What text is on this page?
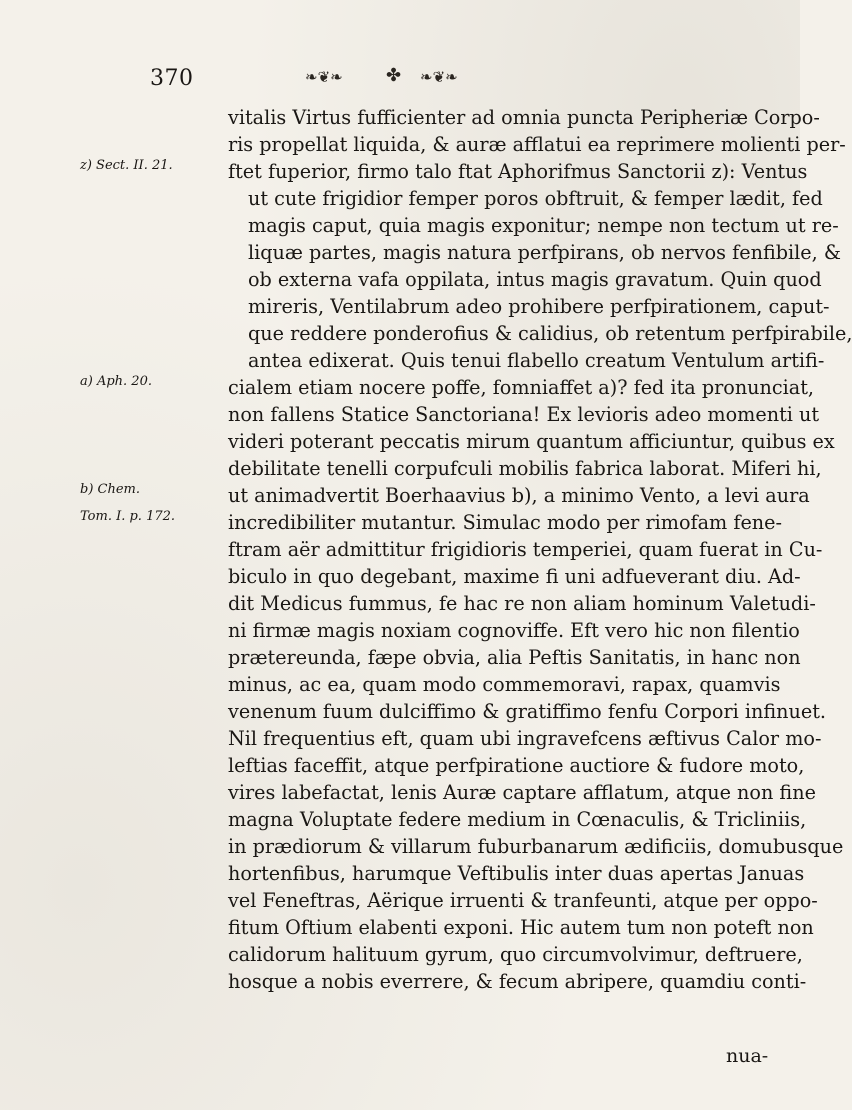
370	❧❦❧ ✤ ❧❦❧
z) Sect. II. 21.
a) Aph. 20.
b) Chem.
Tom. I. p. 172.
vitalis Virtus fufficienter ad omnia puncta Peripheriæ Corpo-
ris propellat liquida, & auræ afflatui ea reprimere molienti per-
ftet fuperior, firmo talo ftat Aphorifmus Sanctorii z): Ventus
ut cute frigidior femper poros obftruit, & femper lædit, fed
magis caput, quia magis exponitur; nempe non tectum ut re-
liquæ partes, magis natura perfpirans, ob nervos fenfibile, &
ob externa vafa oppilata, intus magis gravatum. Quin quod
mireris, Ventilabrum adeo prohibere perfpirationem, caput-
que reddere ponderofius & calidius, ob retentum perfpirabile,
antea edixerat. Quis tenui flabello creatum Ventulum artifi-
cialem etiam nocere poffe, fomniaffet a)? fed ita pronunciat,
non fallens Statice Sanctoriana! Ex levioris adeo momenti ut
videri poterant peccatis mirum quantum afficiuntur, quibus ex
debilitate tenelli corpufculi mobilis fabrica laborat. Miferi hi,
ut animadvertit Boerhaavius b), a minimo Vento, a levi aura
incredibiliter mutantur. Simulac modo per rimofam fene-
ftram aër admittitur frigidioris temperiei, quam fuerat in Cu-
biculo in quo degebant, maxime fi uni adfueverant diu. Ad-
dit Medicus fummus, fe hac re non aliam hominum Valetudi-
ni firmæ magis noxiam cognoviffe. Eft vero hic non filentio
prætereunda, fæpe obvia, alia Peftis Sanitatis, in hanc non
minus, ac ea, quam modo commemoravi, rapax, quamvis
venenum fuum dulciffimo & gratiffimo fenfu Corpori infinuet.
Nil frequentius eft, quam ubi ingravefcens æftivus Calor mo-
leftias faceffit, atque perfpiratione auctiore & fudore moto,
vires labefactat, lenis Auræ captare afflatum, atque non fine
magna Voluptate federe medium in Cœnaculis, & Tricliniis,
in prædiorum & villarum fuburbanarum ædificiis, domubusque
hortenfibus, harumque Veftibulis inter duas apertas Januas
vel Feneftras, Aërique irruenti & tranfeunti, atque per oppo-
fitum Oftium elabenti exponi. Hic autem tum non poteft non
calidorum halituum gyrum, quo circumvolvimur, deftruere,
hosque a nobis everrere, & fecum abripere, quamdiu conti-
nua-
